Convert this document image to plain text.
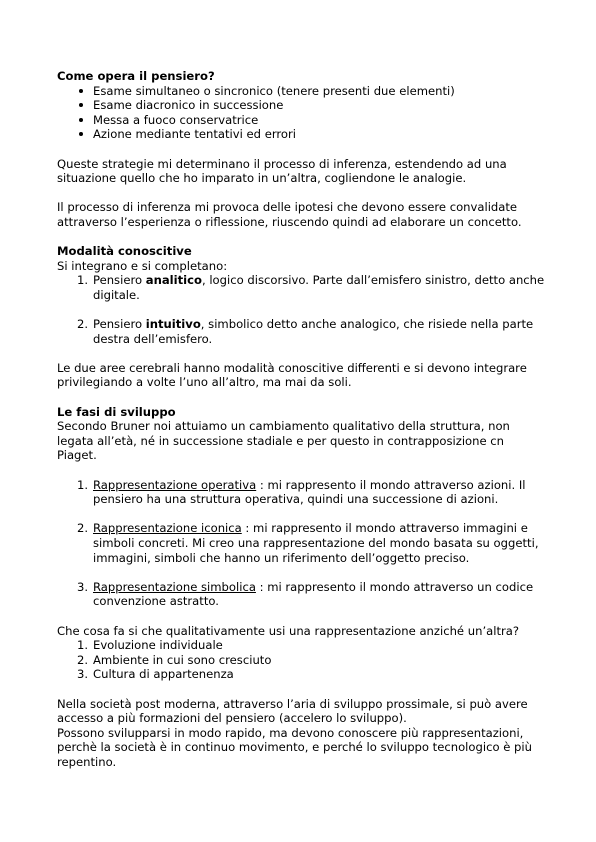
Come opera il pensiero?

Esame simultaneo o sincronico (tenere presenti due elementi)
Esame diacronico in successione
Messa a fuoco conservatrice
Azione mediante tentativi ed errori

Queste strategie mi determinano il processo di inferenza, estendendo ad una situazione quello che ho imparato in un’altra, cogliendone le analogie.

Il processo di inferenza mi provoca delle ipotesi che devono essere convalidate attraverso l’esperienza o riflessione, riuscendo quindi ad elaborare un concetto.

Modalità conoscitive

Si integrano e si completano:

1. Pensiero analitico, logico discorsivo. Parte dall’emisfero sinistro, detto anche digitale.
2. Pensiero intuitivo, simbolico detto anche analogico, che risiede nella parte destra dell’emisfero.

Le due aree cerebrali hanno modalità conoscitive differenti e si devono integrare privilegiando a volte l’uno all’altro, ma mai da soli.

Le fasi di sviluppo

Secondo Bruner noi attuiamo un cambiamento qualitativo della struttura, non legata all’età, né in successione stadiale e per questo in contrapposizione cn Piaget.

1. Rappresentazione operativa : mi rappresento il mondo attraverso azioni. Il pensiero ha una struttura operativa, quindi una successione di azioni.
2. Rappresentazione iconica : mi rappresento il mondo attraverso immagini e simboli concreti. Mi creo una rappresentazione del mondo basata su oggetti, immagini, simboli che hanno un riferimento dell’oggetto preciso.
3. Rappresentazione simbolica : mi rappresento il mondo attraverso un codice convenzione astratto.

Che cosa fa si che qualitativamente usi una rappresentazione anziché un’altra?

1. Evoluzione individuale
2. Ambiente in cui sono cresciuto
3. Cultura di appartenenza

Nella società post moderna, attraverso l’aria di sviluppo prossimale, si può avere accesso a più formazioni del pensiero (accelero lo sviluppo).

Possono svilupparsi in modo rapido, ma devono conoscere più rappresentazioni, perchè la società è in continuo movimento, e perché lo sviluppo tecnologico è più repentino.
